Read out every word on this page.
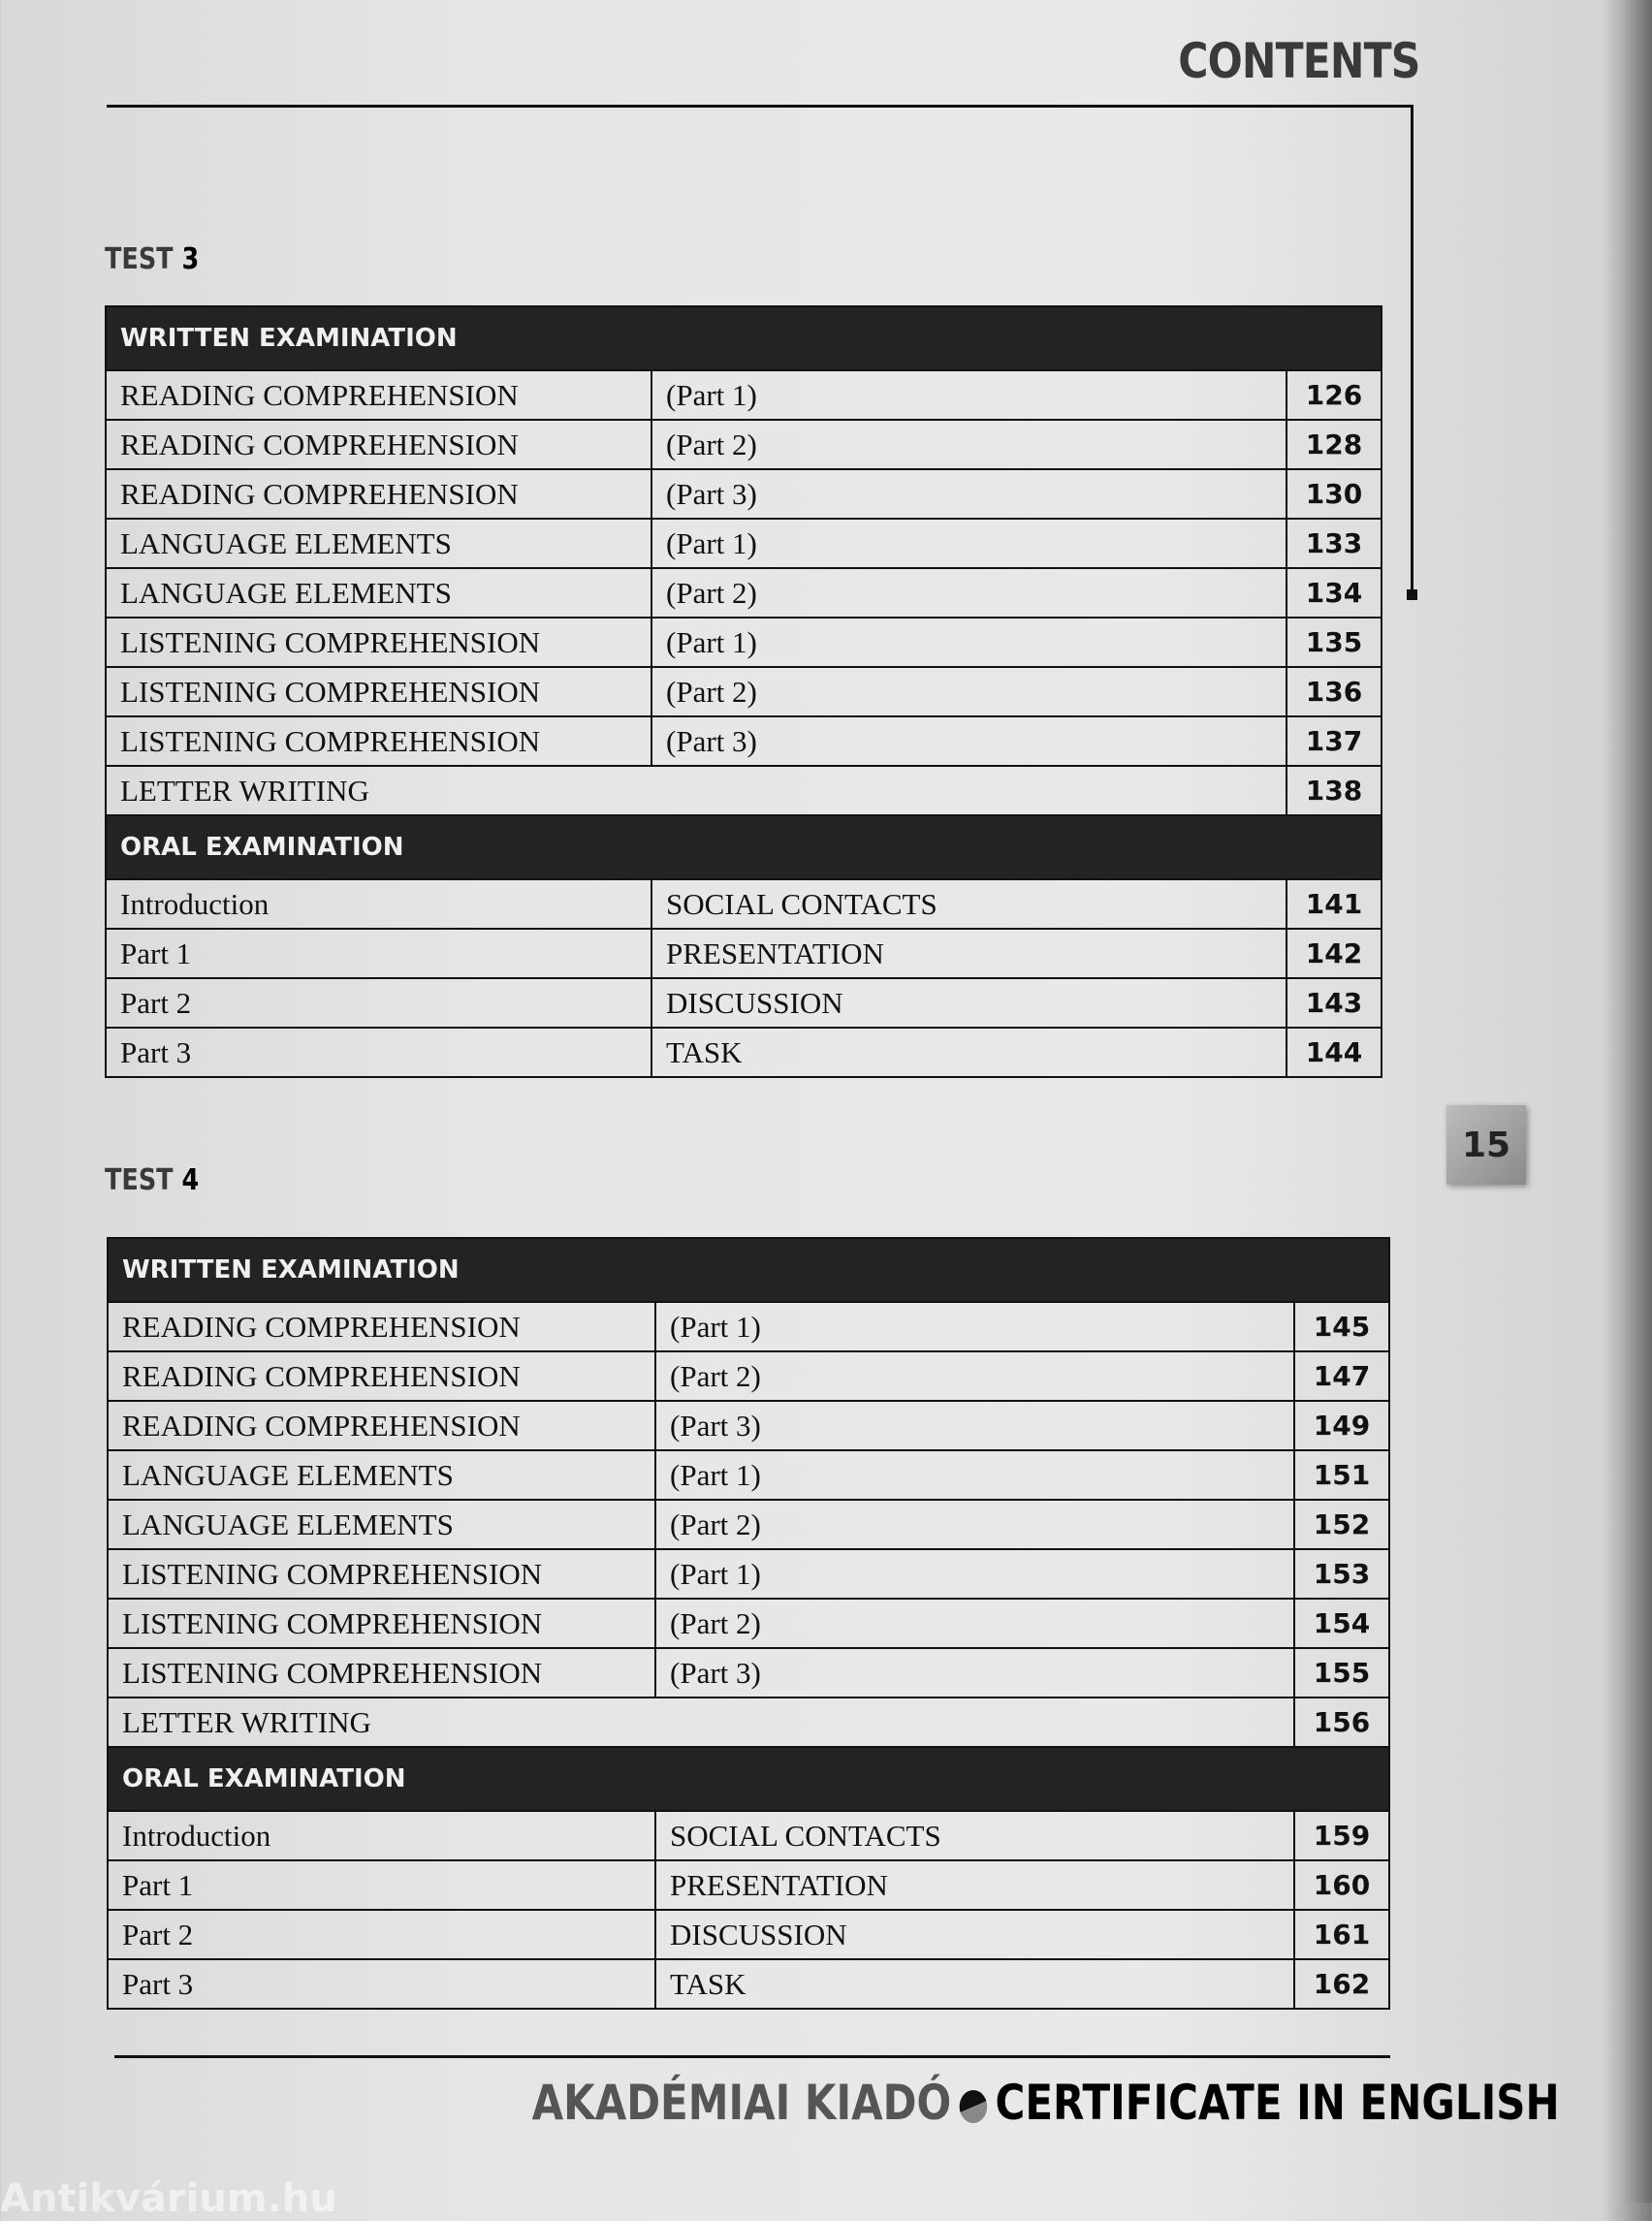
CONTENTS
TEST 3
WRITTEN EXAMINATION		
READING COMPREHENSION	(Part 1)	126
READING COMPREHENSION	(Part 2)	128
READING COMPREHENSION	(Part 3)	130
LANGUAGE ELEMENTS	(Part 1)	133
LANGUAGE ELEMENTS	(Part 2)	134
LISTENING COMPREHENSION	(Part 1)	135
LISTENING COMPREHENSION	(Part 2)	136
LISTENING COMPREHENSION	(Part 3)	137
LETTER WRITING		138
ORAL EXAMINATION		
Introduction	SOCIAL CONTACTS	141
Part 1	PRESENTATION	142
Part 2	DISCUSSION	143
Part 3	TASK	144
15
TEST 4
WRITTEN EXAMINATION		
READING COMPREHENSION	(Part 1)	145
READING COMPREHENSION	(Part 2)	147
READING COMPREHENSION	(Part 3)	149
LANGUAGE ELEMENTS	(Part 1)	151
LANGUAGE ELEMENTS	(Part 2)	152
LISTENING COMPREHENSION	(Part 1)	153
LISTENING COMPREHENSION	(Part 2)	154
LISTENING COMPREHENSION	(Part 3)	155
LETTER WRITING		156
ORAL EXAMINATION		
Introduction	SOCIAL CONTACTS	159
Part 1	PRESENTATION	160
Part 2	DISCUSSION	161
Part 3	TASK	162
AKADÉMIAI KIADÓ CERTIFICATE IN ENGLISH
Antikvárium.hu
